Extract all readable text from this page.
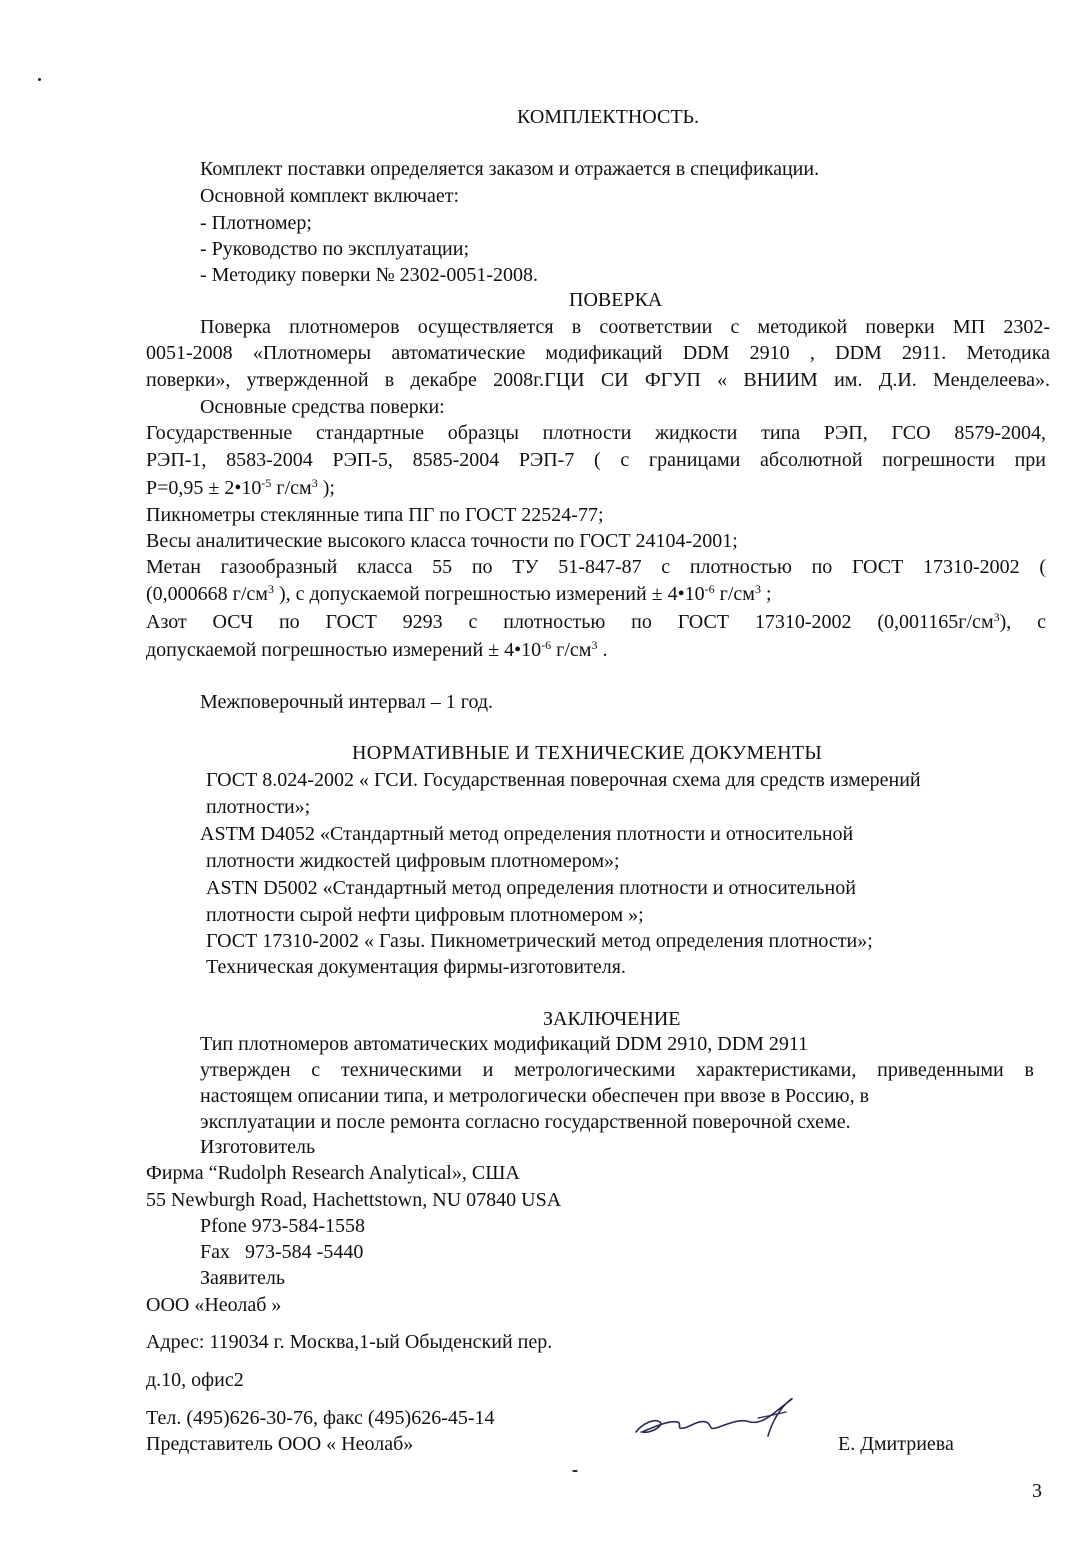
КОМПЛЕКТНОСТЬ.
Комплект поставки определяется заказом и отражается в спецификации.
Основной комплект включает:
- Плотномер;
- Руководство по эксплуатации;
- Методику поверки № 2302-0051-2008.
ПОВЕРКА
Поверка плотномеров осуществляется в соответствии с методикой поверки МП 2302-
0051-2008 «Плотномеры автоматические модификаций DDM 2910 , DDM 2911. Методика
поверки», утвержденной в декабре 2008г.ГЦИ СИ ФГУП « ВНИИМ им. Д.И. Менделеева».
Основные средства поверки:
Государственные стандартные образцы плотности жидкости типа РЭП, ГСО 8579-2004,
РЭП-1, 8583-2004 РЭП-5, 8585-2004 РЭП-7 ( с границами абсолютной погрешности при
$Р=0,95 \pm 2•10^{-5}$ $г/см^3$ );
Пикнометры стеклянные типа ПГ по ГОСТ 22524-77;
Весы аналитические высокого класса точности по ГОСТ 24104-2001;
Метан газообразный класса 55 по ТУ 51-847-87 с плотностью по ГОСТ 17310-2002 (
(0,000668 $г/см^3$ ), с допускаемой погрешностью измерений ± $4•10^{-6}$ $г/см^3$ ;
Азот ОСЧ по ГОСТ 9293 с плотностью по ГОСТ 17310-2002 $(0,001165г/см^3)$, с
допускаемой погрешностью измерений ± $4•10^{-6}$ $г/см^3$ .
Межповерочный интервал – 1 год.
НОРМАТИВНЫЕ И ТЕХНИЧЕСКИЕ ДОКУМЕНТЫ
ГОСТ 8.024-2002 « ГСИ. Государственная поверочная схема для средств измерений
плотности»;
ASTM D4052 «Стандартный метод определения плотности и относительной
плотности жидкостей цифровым плотномером»;
ASTN D5002 «Стандартный метод определения плотности и относительной
плотности сырой нефти цифровым плотномером »;
ГОСТ 17310-2002 « Газы. Пикнометрический метод определения плотности»;
Техническая документация фирмы-изготовителя.
ЗАКЛЮЧЕНИЕ
Тип плотномеров автоматических модификаций DDM 2910, DDM 2911
утвержден с техническими и метрологическими характеристиками, приведенными в
настоящем описании типа, и метрологически обеспечен при ввозе в Россию, в
эксплуатации и после ремонта согласно государственной поверочной схеме.
Изготовитель
Фирма “Rudolph Research Analytical», США
55 Newburgh Road, Hachettstown, NU 07840 USA
Pfone 973-584-1558
Fax   973-584 -5440
Заявитель
ООО «Неолаб »
Адрес: 119034 г. Москва,1-ый Обыденский пер.
д.10, офис2
Тел. (495)626-30-76, факс (495)626-45-14
Представитель ООО « Неолаб»	Е. Дмитриева
3
